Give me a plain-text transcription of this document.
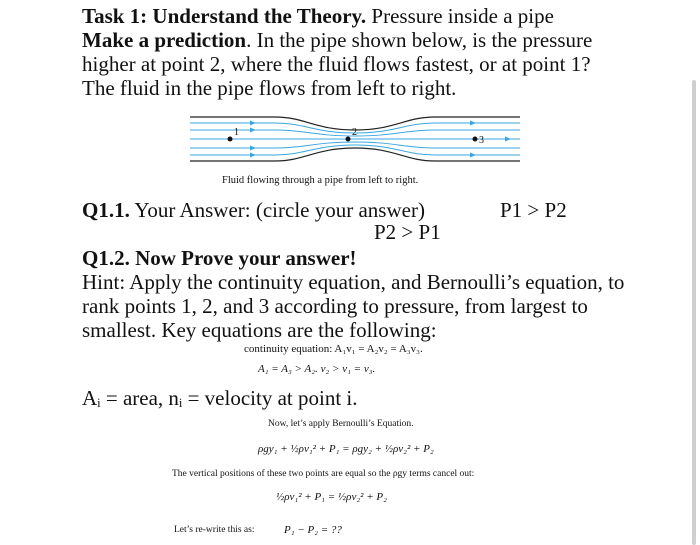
Task 1: Understand the Theory. Pressure inside a pipe
Make a prediction. In the pipe shown below, is the pressure
higher at point 2, where the fluid flows fastest, or at point 1?
The fluid in the pipe flows from left to right.
1	2
3
Fluid flowing through a pipe from left to right.
Q1.1. Your Answer: (circle your answer)	P1 > P2
P2 > P1
Q1.2. Now Prove your answer!
Hint: Apply the continuity equation, and Bernoulli’s equation, to
rank points 1, 2, and 3 according to pressure, from largest to
smallest. Key equations are the following:
continuity equation: A₁v₁ = A₂v₂ = A₃v₃.
A₁ = A₃ > A₂. v₂ > v₁ = v₃.
Aᵢ = area, nᵢ = velocity at point i.
Now, let’s apply Bernoulli’s Equation.
ρgy₁ + ½ρv₁² + P₁ = ρgy₂ + ½ρv₂² + P₂
The vertical positions of these two points are equal so the ρgy terms cancel out:
½ρv₁² + P₁ = ½ρv₂² + P₂
Let’s re-write this as:	P₁ − P₂ = ??
